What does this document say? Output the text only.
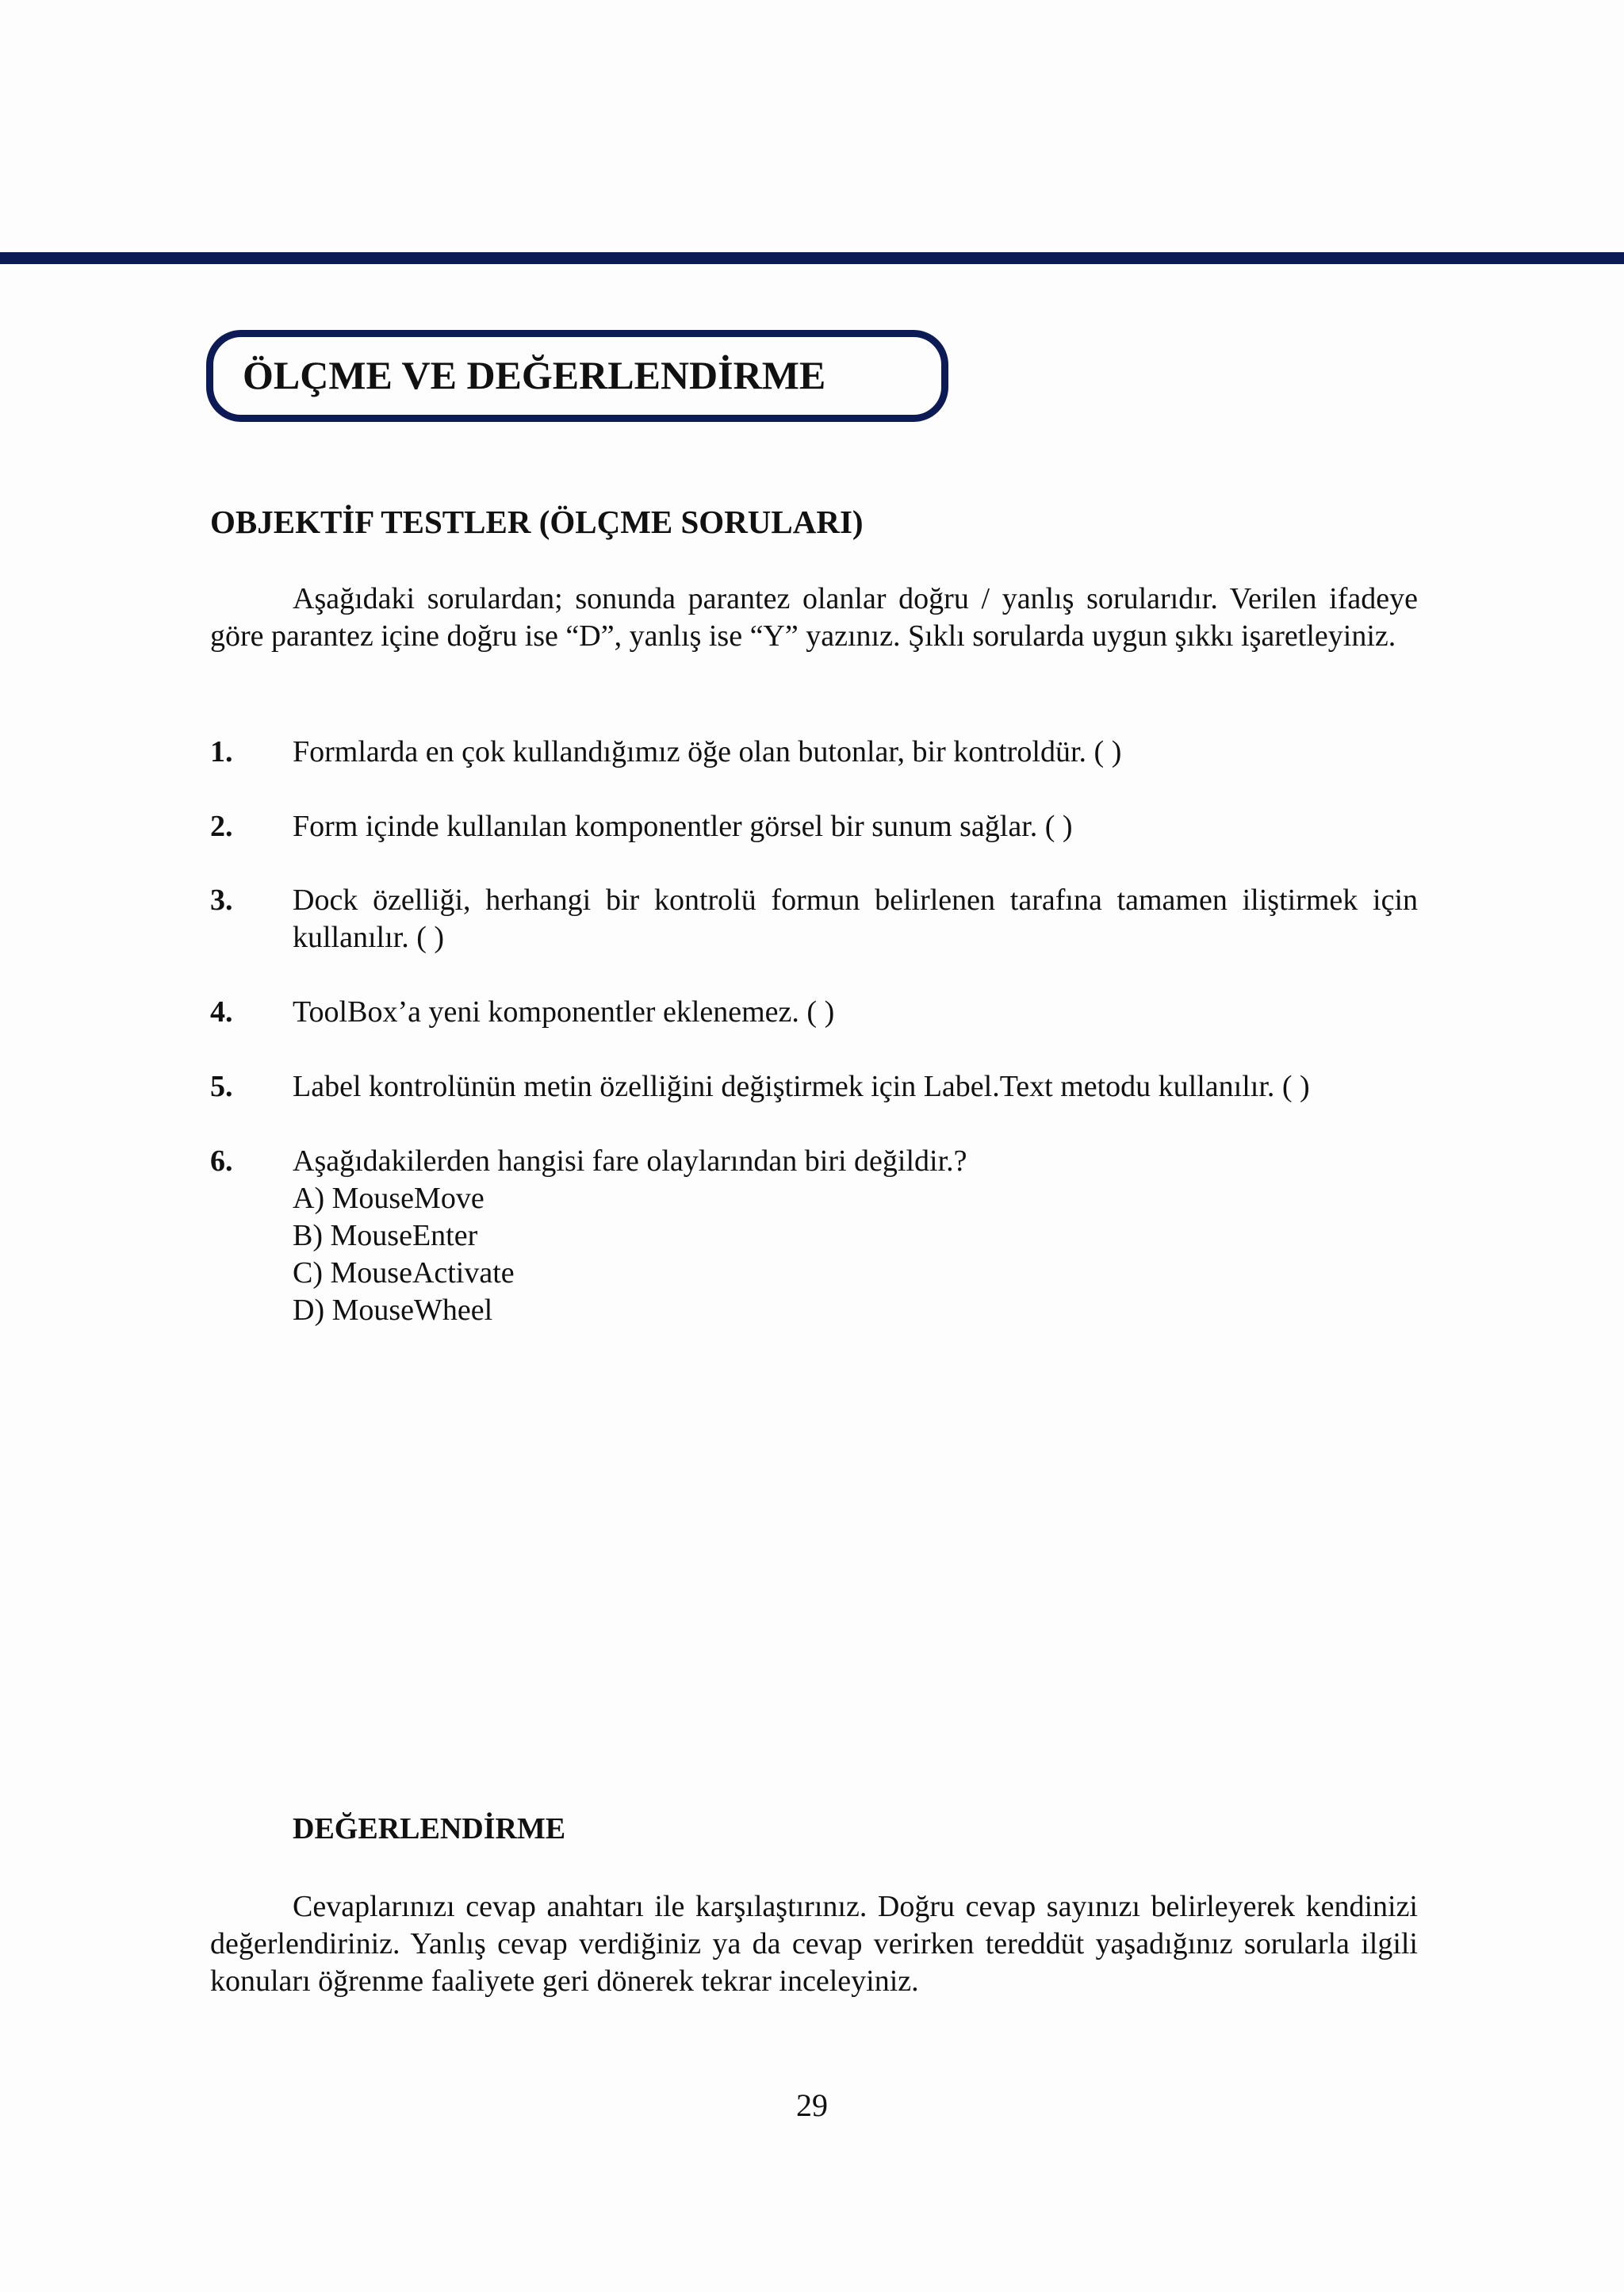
ÖLÇME VE DEĞERLENDİRME
OBJEKTİF TESTLER (ÖLÇME SORULARI)

Aşağıdaki sorulardan; sonunda parantez olanlar doğru / yanlış sorularıdır. Verilen ifadeye göre parantez içine doğru ise “D”, yanlış ise “Y” yazınız. Şıklı sorularda uygun şıkkı işaretleyiniz.

1. Formlarda en çok kullandığımız öğe olan butonlar, bir kontroldür. ( )
2. Form içinde kullanılan komponentler görsel bir sunum sağlar. ( )
3. Dock özelliği, herhangi bir kontrolü formun belirlenen tarafına tamamen iliştirmek için kullanılır. ( )
4. ToolBox’a yeni komponentler eklenemez. ( )
5. Label kontrolünün metin özelliğini değiştirmek için Label.Text metodu kullanılır. ( )
6. Aşağıdakilerden hangisi fare olaylarından biri değildir.?
A) MouseMove
B) MouseEnter
C) MouseActivate
D) MouseWheel
DEĞERLENDİRME

Cevaplarınızı cevap anahtarı ile karşılaştırınız. Doğru cevap sayınızı belirleyerek kendinizi değerlendiriniz. Yanlış cevap verdiğiniz ya da cevap verirken tereddüt yaşadığınız sorularla ilgili konuları öğrenme faaliyete geri dönerek tekrar inceleyiniz.

29
